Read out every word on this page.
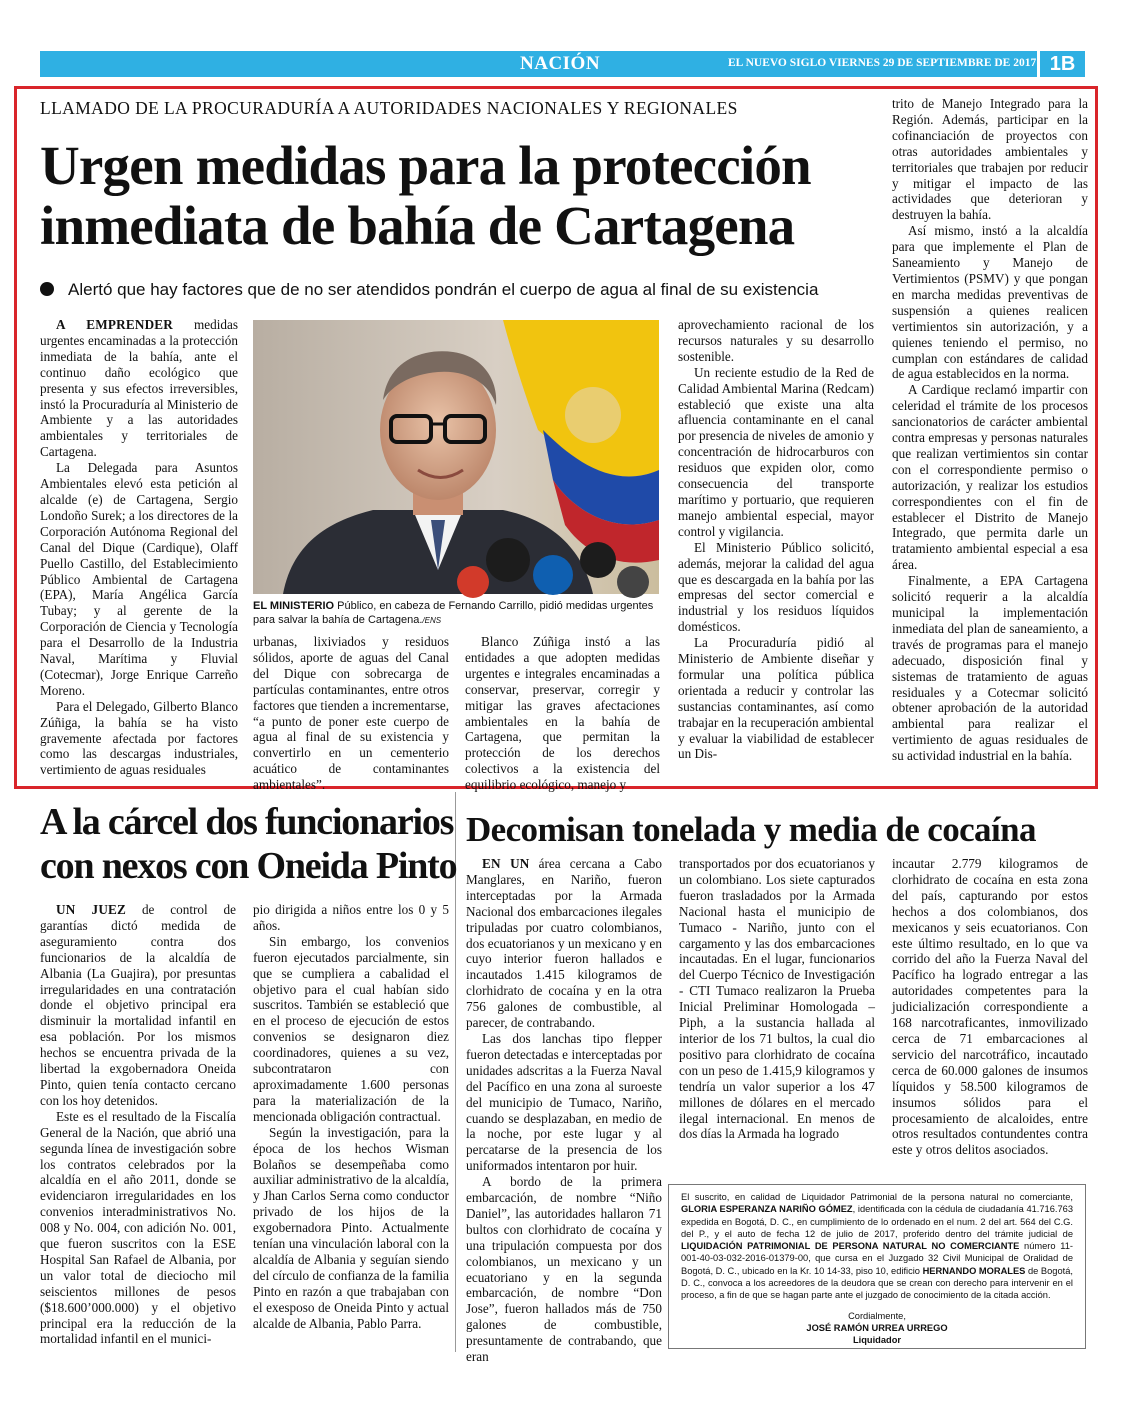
NACIÓN	EL NUEVO SIGLO VIERNES 29 DE SEPTIEMBRE DE 2017 1B
LLAMADO DE LA PROCURADURÍA A AUTORIDADES NACIONALES Y REGIONALES
Urgen medidas para la protección
inmediata de bahía de Cartagena
Alertó que hay factores que de no ser atendidos pondrán el cuerpo de agua al final de su existencia

A EMPRENDER medidas urgentes encaminadas a la protección inmediata de la bahía, ante el continuo daño ecológico que presenta y sus efectos irreversibles, instó la Procuraduría al Ministerio de Ambiente y a las autoridades ambientales y territoriales de Cartagena.

La Delegada para Asuntos Ambientales elevó esta petición al alcalde (e) de Cartagena, Sergio Londoño Surek; a los directores de la Corporación Autónoma Regional del Canal del Dique (Cardique), Olaff Puello Castillo, del Establecimiento Público Ambiental de Cartagena (EPA), María Angélica García Tubay; y al gerente de la Corporación de Ciencia y Tecnología para el Desarrollo de la Industria Naval, Marítima y Fluvial (Cotecmar), Jorge Enrique Carreño Moreno.

Para el Delegado, Gilberto Blanco Zúñiga, la bahía se ha visto gravemente afectada por factores como las descargas industriales, vertimiento de aguas residuales

EL MINISTERIO Público, en cabeza de Fernando Carrillo, pidió medidas urgentes para salvar la bahía de Cartagena./ENS

urbanas, lixiviados y residuos sólidos, aporte de aguas del Canal del Dique con sobrecarga de partículas contaminantes, entre otros factores que tienden a incrementarse, “a punto de poner este cuerpo de agua al final de su existencia y convertirlo en un cementerio acuático de contaminantes ambientales”.

Blanco Zúñiga instó a las entidades a que adopten medidas urgentes e integrales encaminadas a conservar, preservar, corregir y mitigar las graves afectaciones ambientales en la bahía de Cartagena, que permitan la protección de los derechos colectivos a la existencia del equilibrio ecológico, manejo y

aprovechamiento racional de los recursos naturales y su desarrollo sostenible.

Un reciente estudio de la Red de Calidad Ambiental Marina (Redcam) estableció que existe una alta afluencia contaminante en el canal por presencia de niveles de amonio y concentración de hidrocarburos con residuos que expiden olor, como consecuencia del transporte marítimo y portuario, que requieren manejo ambiental especial, mayor control y vigilancia.

El Ministerio Público solicitó, además, mejorar la calidad del agua que es descargada en la bahía por las empresas del sector comercial e industrial y los residuos líquidos domésticos.

La Procuraduría pidió al Ministerio de Ambiente diseñar y formular una política pública orientada a reducir y controlar las sustancias contaminantes, así como trabajar en la recuperación ambiental y evaluar la viabilidad de establecer un Dis-

trito de Manejo Integrado para la Región. Además, participar en la cofinanciación de proyectos con otras autoridades ambientales y territoriales que trabajen por reducir y mitigar el impacto de las actividades que deterioran y destruyen la bahía.

Así mismo, instó a la alcaldía para que implemente el Plan de Saneamiento y Manejo de Vertimientos (PSMV) y que pongan en marcha medidas preventivas de suspensión a quienes realicen vertimientos sin autorización, y a quienes teniendo el permiso, no cumplan con estándares de calidad de agua establecidos en la norma.

A Cardique reclamó impartir con celeridad el trámite de los procesos sancionatorios de carácter ambiental contra empresas y personas naturales que realizan vertimientos sin contar con el correspondiente permiso o autorización, y realizar los estudios correspondientes con el fin de establecer el Distrito de Manejo Integrado, que permita darle un tratamiento ambiental especial a esa área.

Finalmente, a EPA Cartagena solicitó requerir a la alcaldía municipal la implementación inmediata del plan de saneamiento, a través de programas para el manejo adecuado, disposición final y sistemas de tratamiento de aguas residuales y a Cotecmar solicitó obtener aprobación de la autoridad ambiental para realizar el vertimiento de aguas residuales de su actividad industrial en la bahía.

A la cárcel dos funcionarios
con nexos con Oneida Pinto

UN JUEZ de control de garantías dictó medida de aseguramiento contra dos funcionarios de la alcaldía de Albania (La Guajira), por presuntas irregularidades en una contratación donde el objetivo principal era disminuir la mortalidad infantil en esa población. Por los mismos hechos se encuentra privada de la libertad la exgobernadora Oneida Pinto, quien tenía contacto cercano con los hoy detenidos.

Este es el resultado de la Fiscalía General de la Nación, que abrió una segunda línea de investigación sobre los contratos celebrados por la alcaldía en el año 2011, donde se evidenciaron irregularidades en los convenios interadministrativos No. 008 y No. 004, con adición No. 001, que fueron suscritos con la ESE Hospital San Rafael de Albania, por un valor total de dieciocho mil seiscientos millones de pesos ($18.600’000.000) y el objetivo principal era la reducción de la mortalidad infantil en el munici-

pio dirigida a niños entre los 0 y 5 años.

Sin embargo, los convenios fueron ejecutados parcialmente, sin que se cumpliera a cabalidad el objetivo para el cual habían sido suscritos. También se estableció que en el proceso de ejecución de estos convenios se designaron diez coordinadores, quienes a su vez, subcontrataron con aproximadamente 1.600 personas para la materialización de la mencionada obligación contractual.

Según la investigación, para la época de los hechos Wisman Bolaños se desempeñaba como auxiliar administrativo de la alcaldía, y Jhan Carlos Serna como conductor privado de los hijos de la exgobernadora Pinto. Actualmente tenían una vinculación laboral con la alcaldía de Albania y seguían siendo del círculo de confianza de la familia Pinto en razón a que trabajaban con el exesposo de Oneida Pinto y actual alcalde de Albania, Pablo Parra.

Decomisan tonelada y media de cocaína

EN UN área cercana a Cabo Manglares, en Nariño, fueron interceptadas por la Armada Nacional dos embarcaciones ilegales tripuladas por cuatro colombianos, dos ecuatorianos y un mexicano y en cuyo interior fueron hallados e incautados 1.415 kilogramos de clorhidrato de cocaína y en la otra 756 galones de combustible, al parecer, de contrabando.

Las dos lanchas tipo flepper fueron detectadas e interceptadas por unidades adscritas a la Fuerza Naval del Pacífico en una zona al suroeste del municipio de Tumaco, Nariño, cuando se desplazaban, en medio de la noche, por este lugar y al percatarse de la presencia de los uniformados intentaron por huir.

A bordo de la primera embarcación, de nombre “Niño Daniel”, las autoridades hallaron 71 bultos con clorhidrato de cocaína y una tripulación compuesta por dos colombianos, un mexicano y un ecuatoriano y en la segunda embarcación, de nombre “Don Jose”, fueron hallados más de 750 galones de combustible, presuntamente de contrabando, que eran

transportados por dos ecuatorianos y un colombiano. Los siete capturados fueron trasladados por la Armada Nacional hasta el municipio de Tumaco - Nariño, junto con el cargamento y las dos embarcaciones incautadas. En el lugar, funcionarios del Cuerpo Técnico de Investigación - CTI Tumaco realizaron la Prueba Inicial Preliminar Homologada – Piph, a la sustancia hallada al interior de los 71 bultos, la cual dio positivo para clorhidrato de cocaína con un peso de 1.415,9 kilogramos y tendría un valor superior a los 47 millones de dólares en el mercado ilegal internacional. En menos de dos días la Armada ha logrado

incautar 2.779 kilogramos de clorhidrato de cocaína en esta zona del país, capturando por estos hechos a dos colombianos, dos mexicanos y seis ecuatorianos. Con este último resultado, en lo que va corrido del año la Fuerza Naval del Pacífico ha logrado entregar a las autoridades competentes para la judicialización correspondiente a 168 narcotraficantes, inmovilizado cerca de 71 embarcaciones al servicio del narcotráfico, incautado cerca de 60.000 galones de insumos líquidos y 58.500 kilogramos de insumos sólidos para el procesamiento de alcaloides, entre otros resultados contundentes contra este y otros delitos asociados.

El suscrito, en calidad de Liquidador Patrimonial de la persona natural no comerciante, GLORIA ESPERANZA NARIÑO GÓMEZ, identificada con la cédula de ciudadanía 41.716.763 expedida en Bogotá, D. C., en cumplimiento de lo ordenado en el num. 2 del art. 564 del C.G. del P., y el auto de fecha 12 de julio de 2017, proferido dentro del trámite judicial de LIQUIDACIÓN PATRIMONIAL DE PERSONA NATURAL NO COMERCIANTE número 11-001-40-03-032-2016-01379-00, que cursa en el Juzgado 32 Civil Municipal de Oralidad de Bogotá, D. C., ubicado en la Kr. 10 14-33, piso 10, edificio HERNANDO MORALES de Bogotá, D. C., convoca a los acreedores de la deudora que se crean con derecho para intervenir en el proceso, a fin de que se hagan parte ante el juzgado de conocimiento de la citada acción.
Cordialmente,
JOSÉ RAMÓN URREA URREGO
Liquidador
